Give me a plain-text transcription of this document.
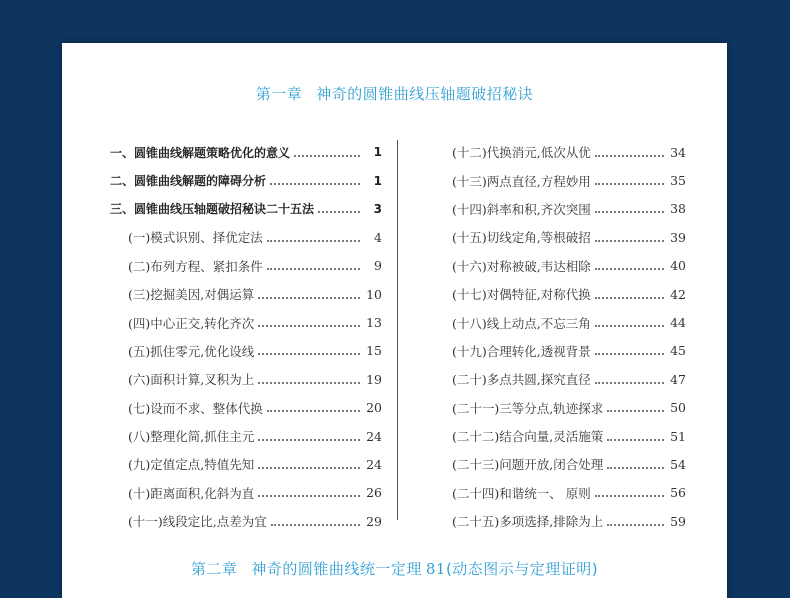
第一章 神奇的圆锥曲线压轴题破招秘诀
一、圆锥曲线解题策略优化的意义	1
二、圆锥曲线解题的障碍分析	1
三、圆锥曲线压轴题破招秘诀二十五法	3
(一)模式识别、择优定法	4
(二)布列方程、紧扣条件	9
(三)挖掘美因,对偶运算	10
(四)中心正交,转化齐次	13
(五)抓住零元,优化设线	15
(六)面积计算,叉积为上	19
(七)设而不求、整体代换	20
(八)整理化简,抓住主元	24
(九)定值定点,特值先知	24
(十)距离面积,化斜为直	26
(十一)线段定比,点差为宜	29
(十二)代换消元,低次从优	34
(十三)两点直径,方程妙用	35
(十四)斜率和积,齐次突围	38
(十五)切线定角,等根破招	39
(十六)对称被破,韦达相除	40
(十七)对偶特征,对称代换	42
(十八)线上动点,不忘三角	44
(十九)合理转化,透视背景	45
(二十)多点共圆,探究直径	47
(二十一)三等分点,轨迹探求	50
(二十二)结合向量,灵活施策	51
(二十三)问题开放,闭合处理	54
(二十四)和谐统一、 原则	56
(二十五)多项选择,排除为上	59
第二章 神奇的圆锥曲线统一定理 81(动态图示与定理证明)
